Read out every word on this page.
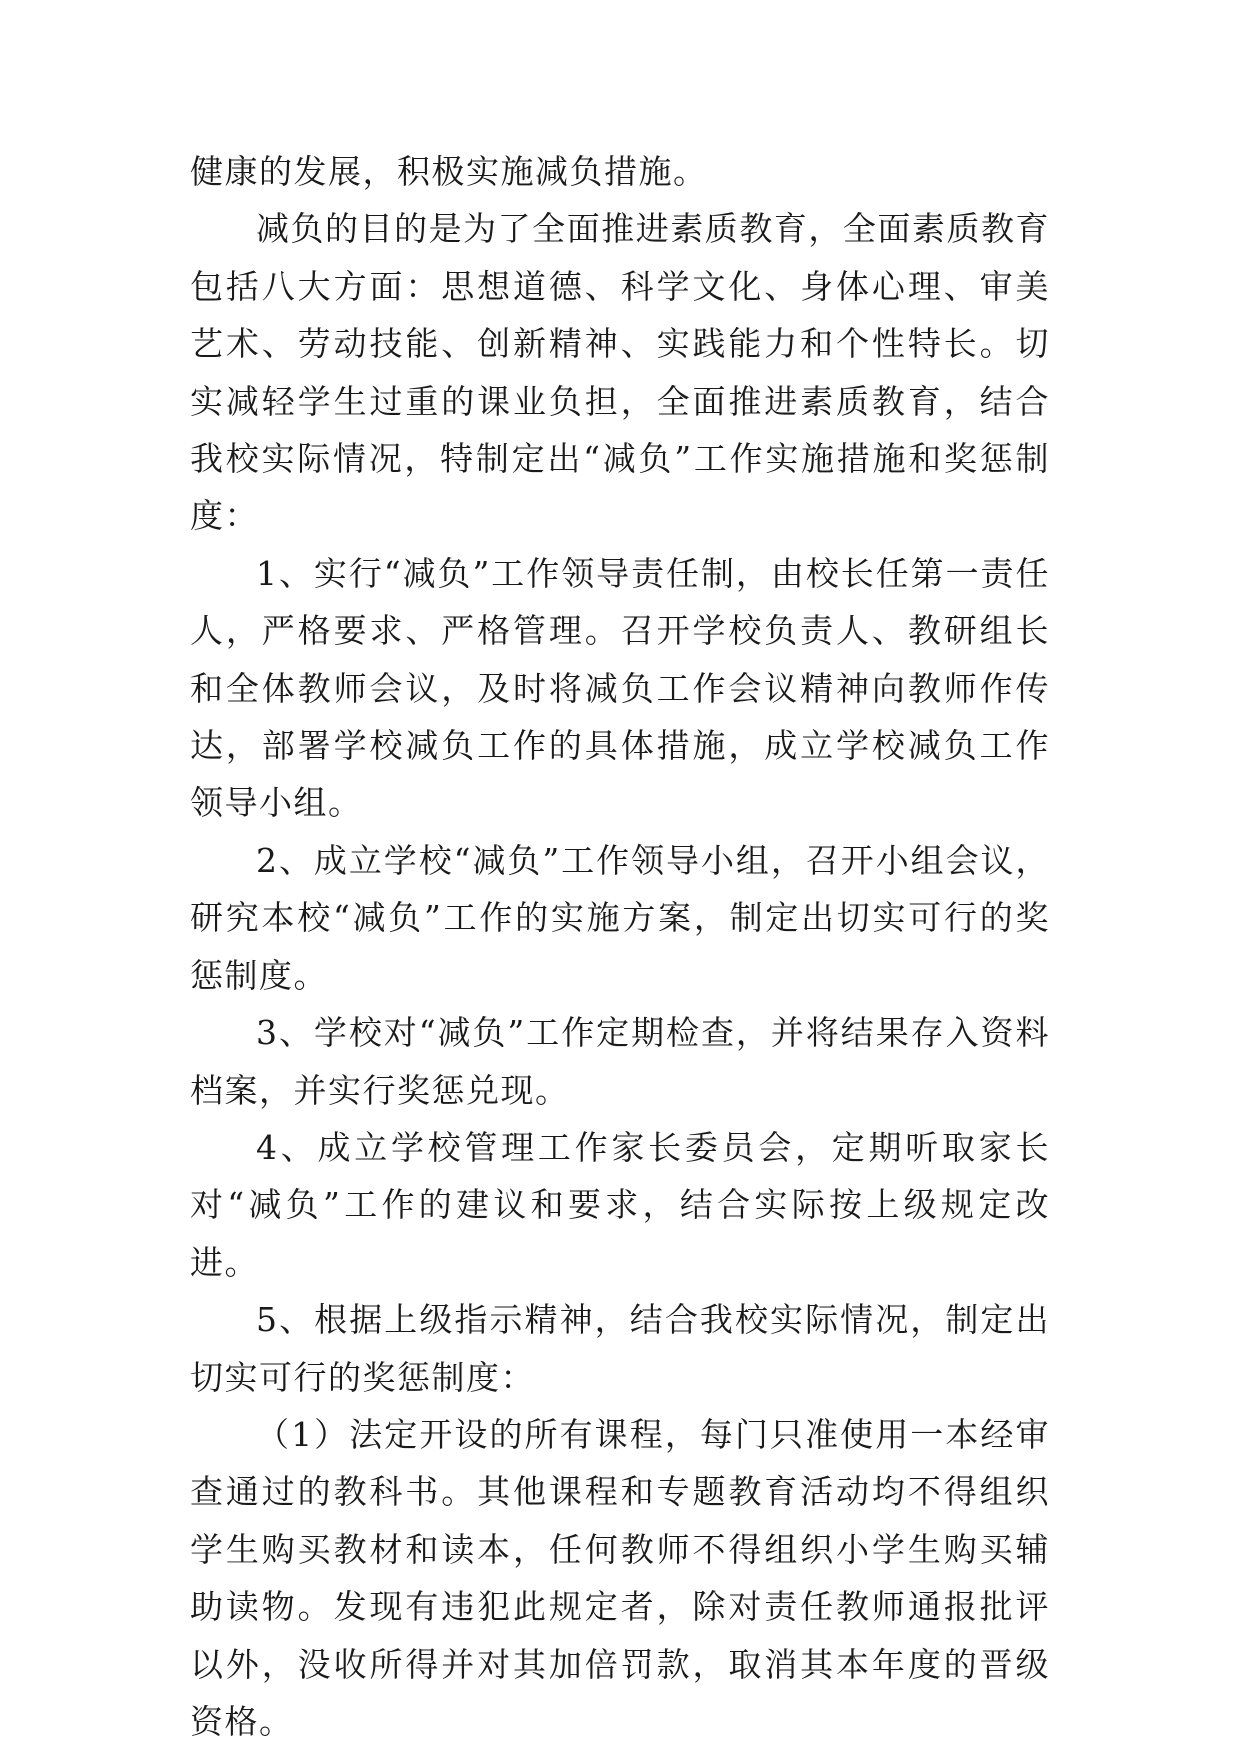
健康的发展，积极实施减负措施。

减负的目的是为了全面推进素质教育，全面素质教育包括八大方面：思想道德、科学文化、身体心理、审美艺术、劳动技能、创新精神、实践能力和个性特长。切实减轻学生过重的课业负担，全面推进素质教育，结合我校实际情况，特制定出“减负”工作实施措施和奖惩制度：

1、实行“减负”工作领导责任制，由校长任第一责任人，严格要求、严格管理。召开学校负责人、教研组长和全体教师会议，及时将减负工作会议精神向教师作传达，部署学校减负工作的具体措施，成立学校减负工作领导小组。

2、成立学校“减负”工作领导小组，召开小组会议，研究本校“减负”工作的实施方案，制定出切实可行的奖惩制度。

3、学校对“减负”工作定期检查，并将结果存入资料档案，并实行奖惩兑现。

4、成立学校管理工作家长委员会，定期听取家长对“减负”工作的建议和要求，结合实际按上级规定改进。

5、根据上级指示精神，结合我校实际情况，制定出切实可行的奖惩制度：

（1）法定开设的所有课程，每门只准使用一本经审查通过的教科书。其他课程和专题教育活动均不得组织学生购买教材和读本，任何教师不得组织小学生购买辅助读物。发现有违犯此规定者，除对责任教师通报批评以外，没收所得并对其加倍罚款，取消其本年度的晋级资格。
